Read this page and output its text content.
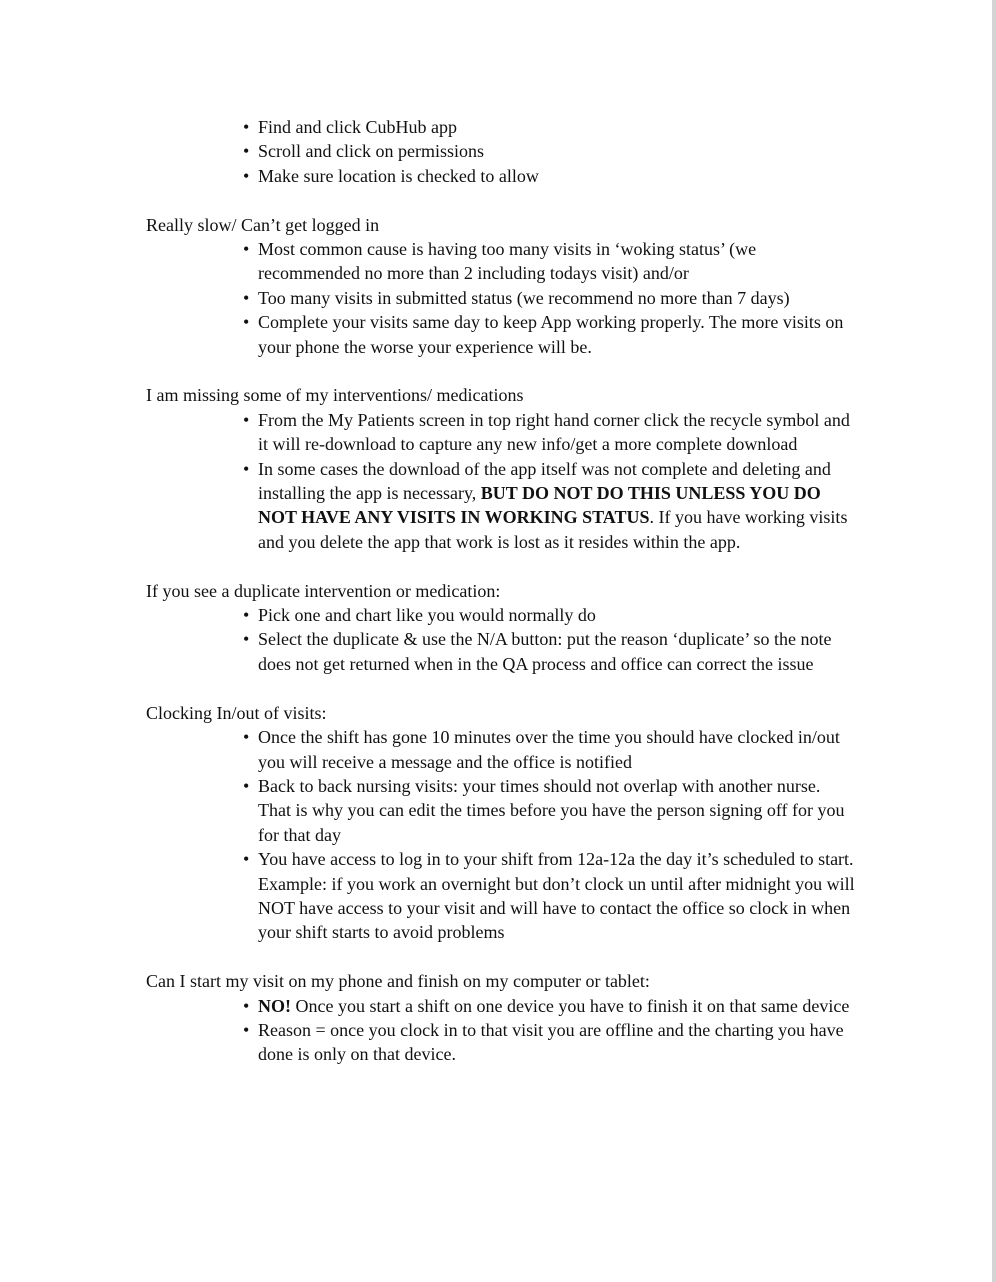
• Find and click CubHub app
• Scroll and click on permissions
• Make sure location is checked to allow

Really slow/ Can’t get logged in

• Most common cause is having too many visits in ‘woking status’ (we recommended no more than 2 including todays visit) and/or
• Too many visits in submitted status (we recommend no more than 7 days)
• Complete your visits same day to keep App working properly. The more visits on your phone the worse your experience will be.

I am missing some of my interventions/ medications

• From the My Patients screen in top right hand corner click the recycle symbol and it will re-download to capture any new info/get a more complete download
• In some cases the download of the app itself was not complete and deleting and installing the app is necessary, BUT DO NOT DO THIS UNLESS YOU DO NOT HAVE ANY VISITS IN WORKING STATUS. If you have working visits and you delete the app that work is lost as it resides within the app.

If you see a duplicate intervention or medication:

• Pick one and chart like you would normally do
• Select the duplicate & use the N/A button: put the reason ‘duplicate’ so the note does not get returned when in the QA process and office can correct the issue

Clocking In/out of visits:

• Once the shift has gone 10 minutes over the time you should have clocked in/out you will receive a message and the office is notified
• Back to back nursing visits: your times should not overlap with another nurse. That is why you can edit the times before you have the person signing off for you for that day
• You have access to log in to your shift from 12a-12a the day it’s scheduled to start. Example: if you work an overnight but don’t clock un until after midnight you will NOT have access to your visit and will have to contact the office so clock in when your shift starts to avoid problems

Can I start my visit on my phone and finish on my computer or tablet:

• NO! Once you start a shift on one device you have to finish it on that same device
• Reason = once you clock in to that visit you are offline and the charting you have done is only on that device.
